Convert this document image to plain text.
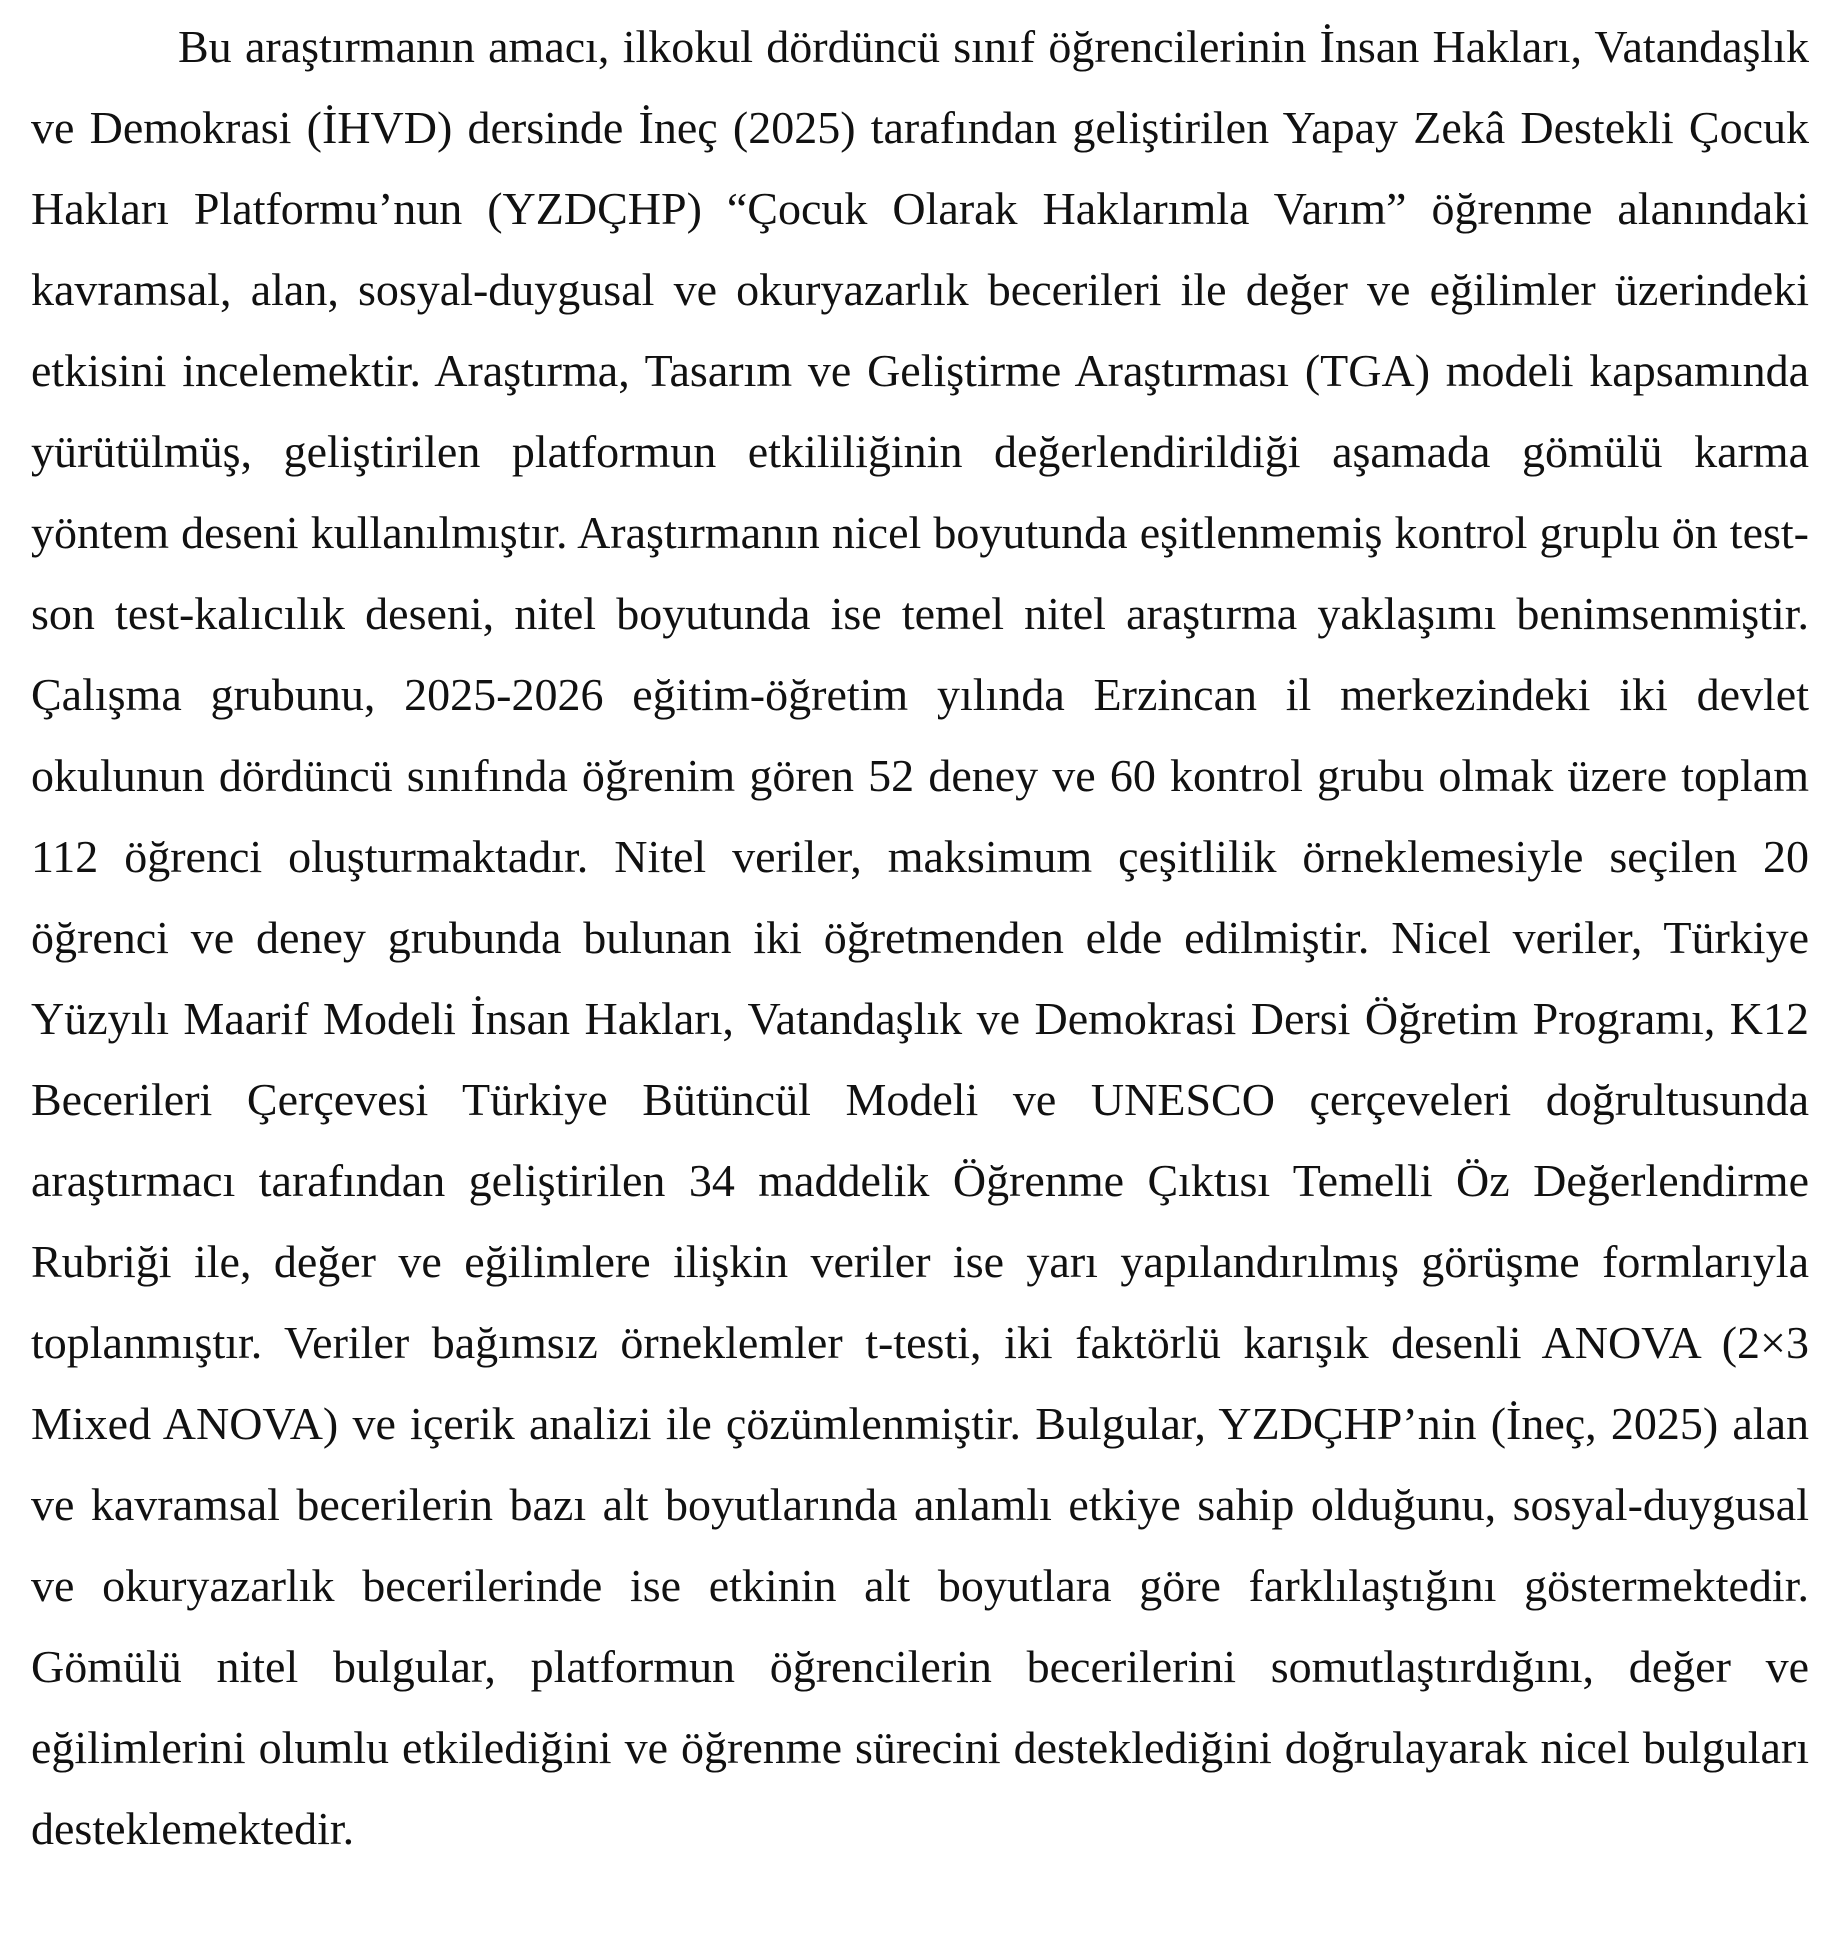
Bu araştırmanın amacı, ilkokul dördüncü sınıf öğrencilerinin İnsan Hakları, Vatandaşlık ve Demokrasi (İHVD) dersinde İneç (2025) tarafından geliştirilen Yapay Zekâ Destekli Çocuk Hakları Platformu’nun (YZDÇHP) “Çocuk Olarak Haklarımla Varım” öğrenme alanındaki kavramsal, alan, sosyal-duygusal ve okuryazarlık becerileri ile değer ve eğilimler üzerindeki etkisini incelemektir. Araştırma, Tasarım ve Geliştirme Araştırması (TGA) modeli kapsamında yürütülmüş, geliştirilen platformun etkililiğinin değerlendirildiği aşamada gömülü karma yöntem deseni kullanılmıştır. Araştırmanın nicel boyutunda eşitlenmemiş kontrol gruplu ön test-son test-kalıcılık deseni, nitel boyutunda ise temel nitel araştırma yaklaşımı benimsenmiştir. Çalışma grubunu, 2025-2026 eğitim-öğretim yılında Erzincan il merkezindeki iki devlet okulunun dördüncü sınıfında öğrenim gören 52 deney ve 60 kontrol grubu olmak üzere toplam 112 öğrenci oluşturmaktadır. Nitel veriler, maksimum çeşitlilik örneklemesiyle seçilen 20 öğrenci ve deney grubunda bulunan iki öğretmenden elde edilmiştir. Nicel veriler, Türkiye Yüzyılı Maarif Modeli İnsan Hakları, Vatandaşlık ve Demokrasi Dersi Öğretim Programı, K12 Becerileri Çerçevesi Türkiye Bütüncül Modeli ve UNESCO çerçeveleri doğrultusunda araştırmacı tarafından geliştirilen 34 maddelik Öğrenme Çıktısı Temelli Öz Değerlendirme Rubriği ile, değer ve eğilimlere ilişkin veriler ise yarı yapılandırılmış görüşme formlarıyla toplanmıştır. Veriler bağımsız örneklemler t-testi, iki faktörlü karışık desenli ANOVA (2×3 Mixed ANOVA) ve içerik analizi ile çözümlenmiştir. Bulgular, YZDÇHP’nin (İneç, 2025) alan ve kavramsal becerilerin bazı alt boyutlarında anlamlı etkiye sahip olduğunu, sosyal-duygusal ve okuryazarlık becerilerinde ise etkinin alt boyutlara göre farklılaştığını göstermektedir. Gömülü nitel bulgular, platformun öğrencilerin becerilerini somutlaştırdığını, değer ve eğilimlerini olumlu etkilediğini ve öğrenme sürecini desteklediğini doğrulayarak nicel bulguları desteklemektedir.
